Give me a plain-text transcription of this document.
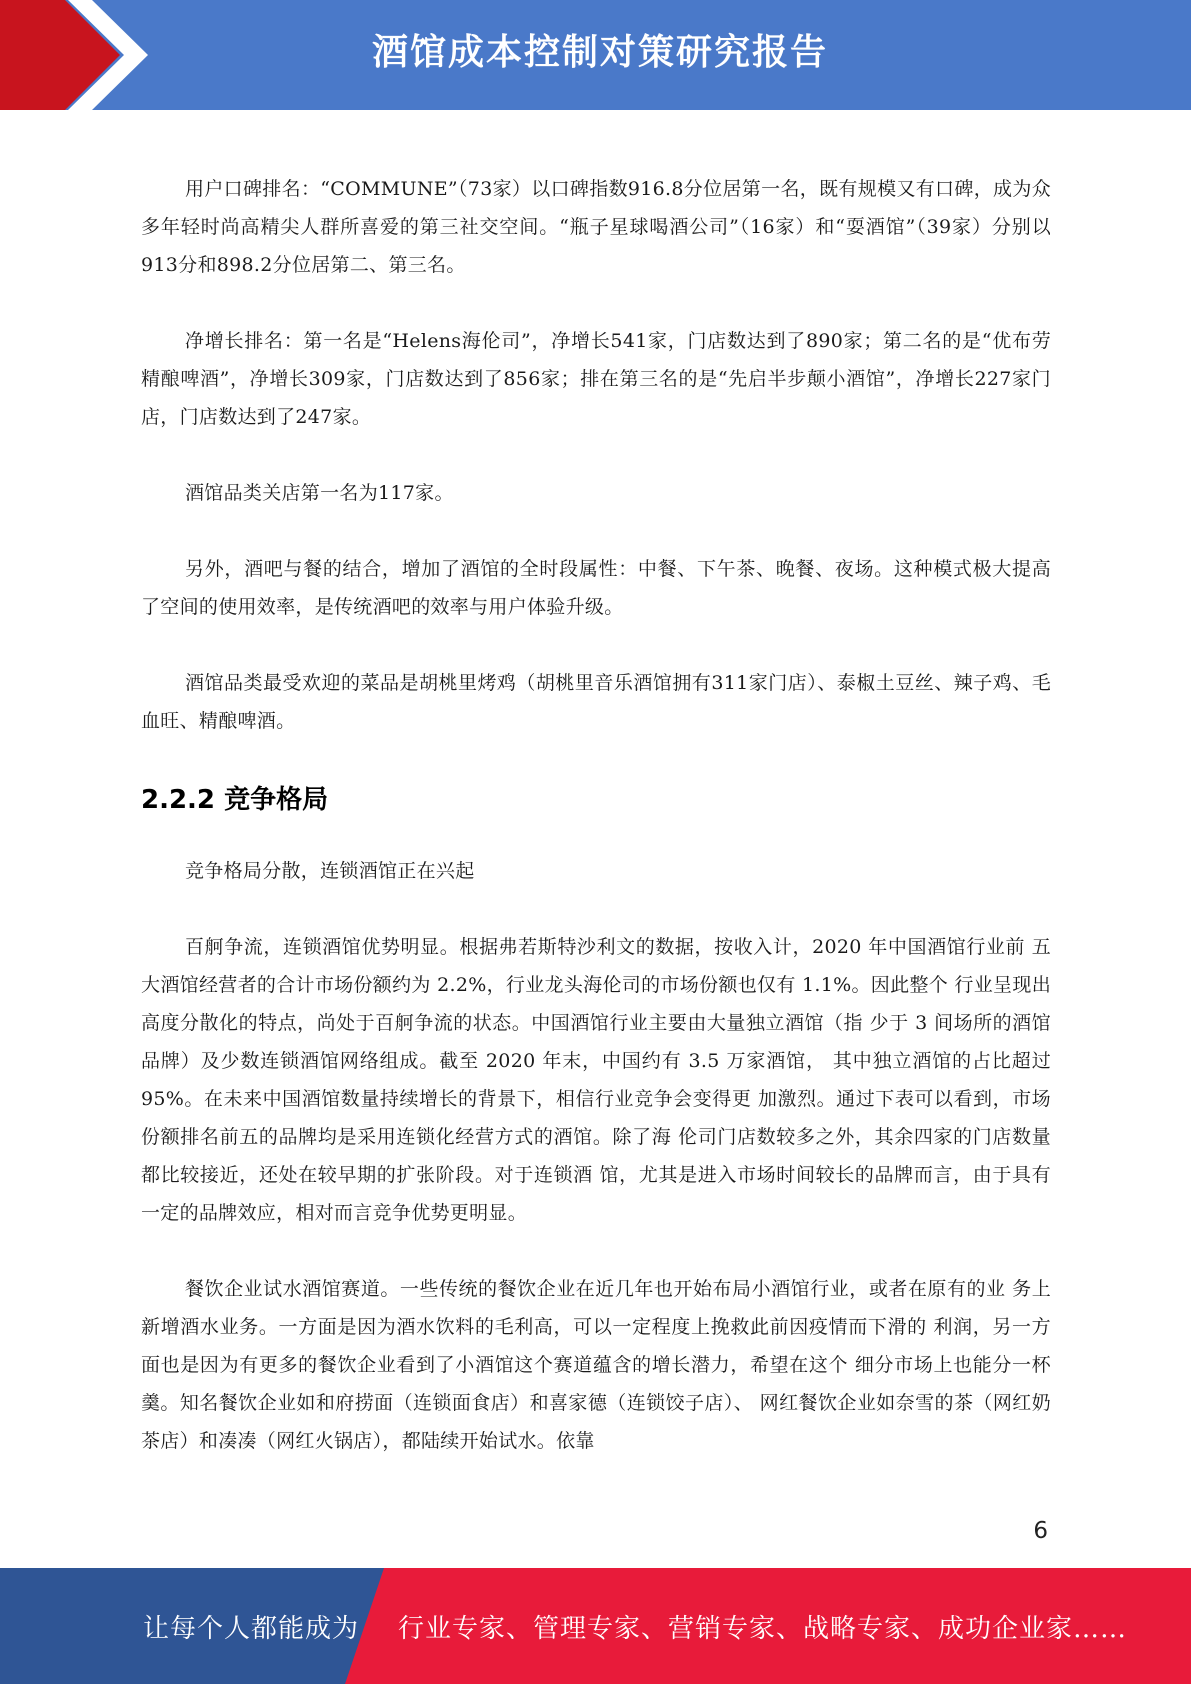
酒馆成本控制对策研究报告

用户口碑排名：“COMMUNE”（73家）以口碑指数916.8分位居第一名，既有规模又有口碑，成为众多年轻时尚高精尖人群所喜爱的第三社交空间。“瓶子星球喝酒公司”（16家）和“耍酒馆”（39家）分别以913分和898.2分位居第二、第三名。

净增长排名：第一名是“Helens海伦司”，净增长541家，门店数达到了890家；第二名的是“优布劳精酿啤酒”，净增长309家，门店数达到了856家；排在第三名的是“先启半步颠小酒馆”，净增长227家门店，门店数达到了247家。

酒馆品类关店第一名为117家。

另外，酒吧与餐的结合，增加了酒馆的全时段属性：中餐、下午茶、晚餐、夜场。这种模式极大提高了空间的使用效率，是传统酒吧的效率与用户体验升级。

酒馆品类最受欢迎的菜品是胡桃里烤鸡（胡桃里音乐酒馆拥有311家门店）、泰椒土豆丝、辣子鸡、毛血旺、精酿啤酒。

2.2.2 竞争格局

竞争格局分散，连锁酒馆正在兴起

百舸争流，连锁酒馆优势明显。根据弗若斯特沙利文的数据，按收入计，2020 年中国酒馆行业前 五大酒馆经营者的合计市场份额约为 2.2%，行业龙头海伦司的市场份额也仅有 1.1%。因此整个 行业呈现出高度分散化的特点，尚处于百舸争流的状态。中国酒馆行业主要由大量独立酒馆（指 少于 3 间场所的酒馆品牌）及少数连锁酒馆网络组成。截至 2020 年末，中国约有 3.5 万家酒馆， 其中独立酒馆的占比超过 95%。在未来中国酒馆数量持续增长的背景下，相信行业竞争会变得更 加激烈。通过下表可以看到，市场份额排名前五的品牌均是采用连锁化经营方式的酒馆。除了海 伦司门店数较多之外，其余四家的门店数量都比较接近，还处在较早期的扩张阶段。对于连锁酒 馆，尤其是进入市场时间较长的品牌而言，由于具有一定的品牌效应，相对而言竞争优势更明显。

餐饮企业试水酒馆赛道。一些传统的餐饮企业在近几年也开始布局小酒馆行业，或者在原有的业 务上新增酒水业务。一方面是因为酒水饮料的毛利高，可以一定程度上挽救此前因疫情而下滑的 利润，另一方面也是因为有更多的餐饮企业看到了小酒馆这个赛道蕴含的增长潜力，希望在这个 细分市场上也能分一杯羹。知名餐饮企业如和府捞面（连锁面食店）和喜家德（连锁饺子店）、 网红餐饮企业如奈雪的茶（网红奶茶店）和凑凑（网红火锅店），都陆续开始试水。依靠

6
让每个人都能成为 行业专家、管理专家、营销专家、战略专家、成功企业家……
